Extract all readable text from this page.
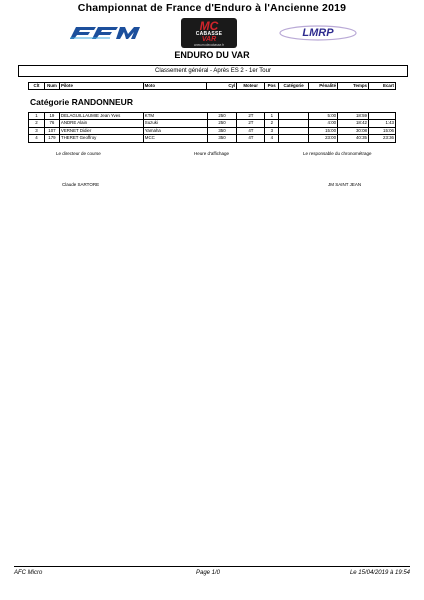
Championnat de France d'Enduro à l'Ancienne 2019
MC
CABASSE
VAR
www.mcdecabasse.fr
LMRP
ENDURO DU VAR
Classement général - Après ES 2 - 1er Tour
Clt	Num	Pilote	Moto	Cyl	Moteur	Pos	Catégorie	Pénalité	Temps	Ecart
Catégorie RANDONNEUR
1	19	DELAGUILLAUMIE Jean Yves	KTM	250	2T	1		5:00	18:59	
2	76	ANDRE Alain	Suzuki	250	2T	2		4:00	18:42	1:43
3	107	VERNET Didier	Yamaha	350	4T	3		15:00	30:08	15:06
4	179	THERET Geoffroy	MCC	350	4T	4		23:00	40:35	23:36
Le directeur de course	Heure d'affichage	Le responsable du chronométrage
Claude SARTORE	JM SAINT JEAN
AFC Micro	Page 1/0	Le 15/04/2019 à 19:54
